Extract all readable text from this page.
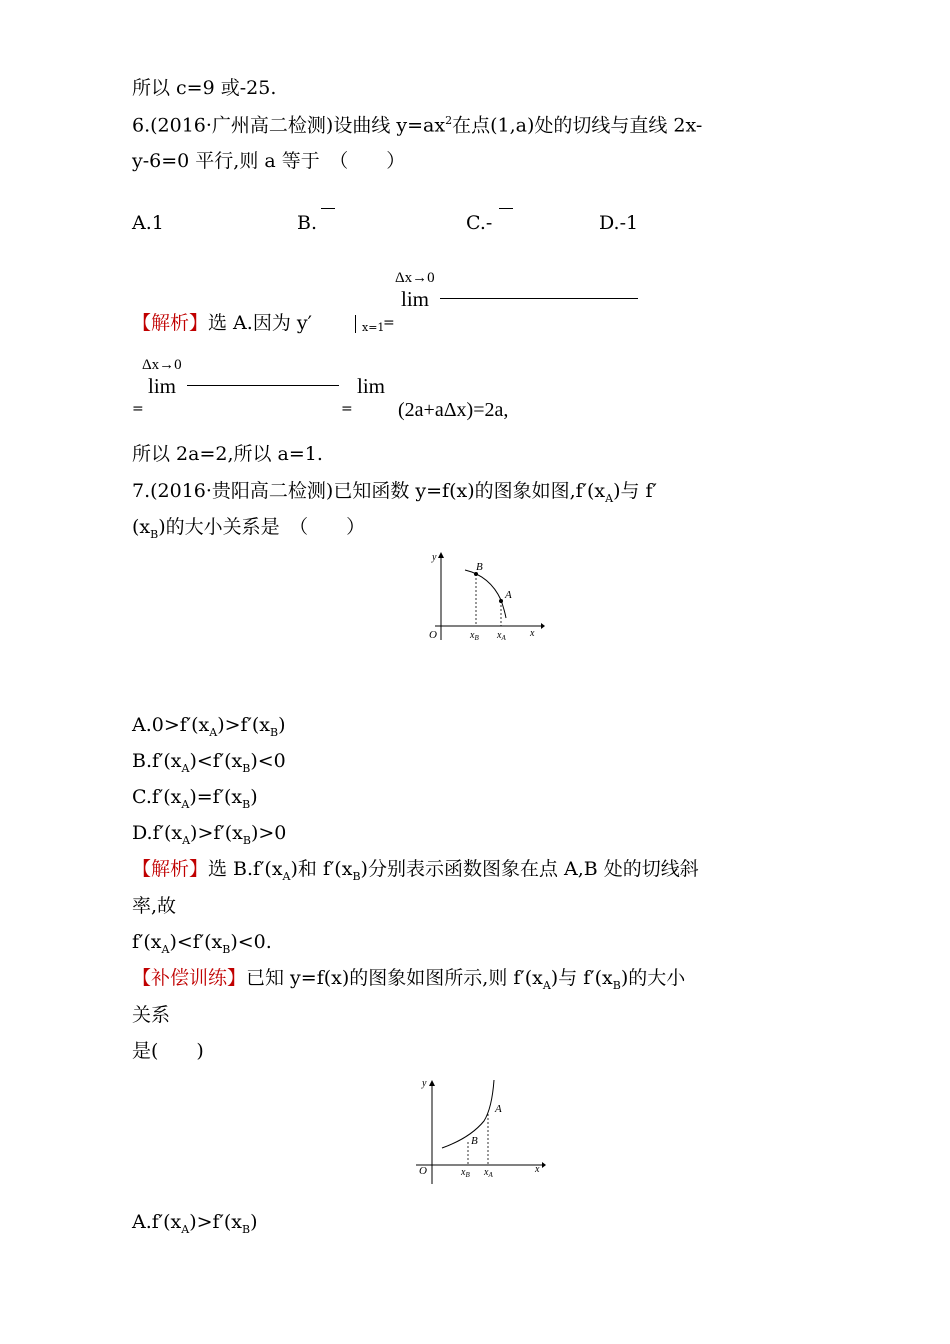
所以 c=9 或-25.
6.(2016·广州高二检测)设曲线 $y=ax^2$在点(1,a)处的切线与直线 2x-
y-6=0 平行,则 a 等于　（　　）
A.1	B.	C.-	D.-1
Δx→0
lim
【解析】选 A.因为 y′	x=1
=
Δx→0
lim	lim
=	= (2a+aΔx)=2a,
所以 2a=2,所以 a=1.
7.(2016·贵阳高二检测)已知函数 y=f(x)的图象如图$,f'(x_A)$与 f′
$(x_B)$的大小关系是　（　　）
y
O
B
A
$x_B$ $x_A$ x
$A.0>f'(x_A)>f'(x_B)$
$B.f'(x_A)<f'(x_B)<0$
$C.f'(x_A)=f'(x_B)$
$D.f'(x_A)>f'(x_B)>0$
【解析】选 $B.f'(x_A)$和 $f'(x_B)$分别表示函数图象在点 A,B 处的切线斜
率,故
$f'(x_A)<f'(x_B)<0$.
【补偿训练】已知 y=f(x)的图象如图所示,则 $f'(x_A)$与 $f'(x_B)$的大小
关系
是(　　)
y
O
B
A
$x_B$ $x_A$	x
$A.f'(x_A)>f'(x_B)$
